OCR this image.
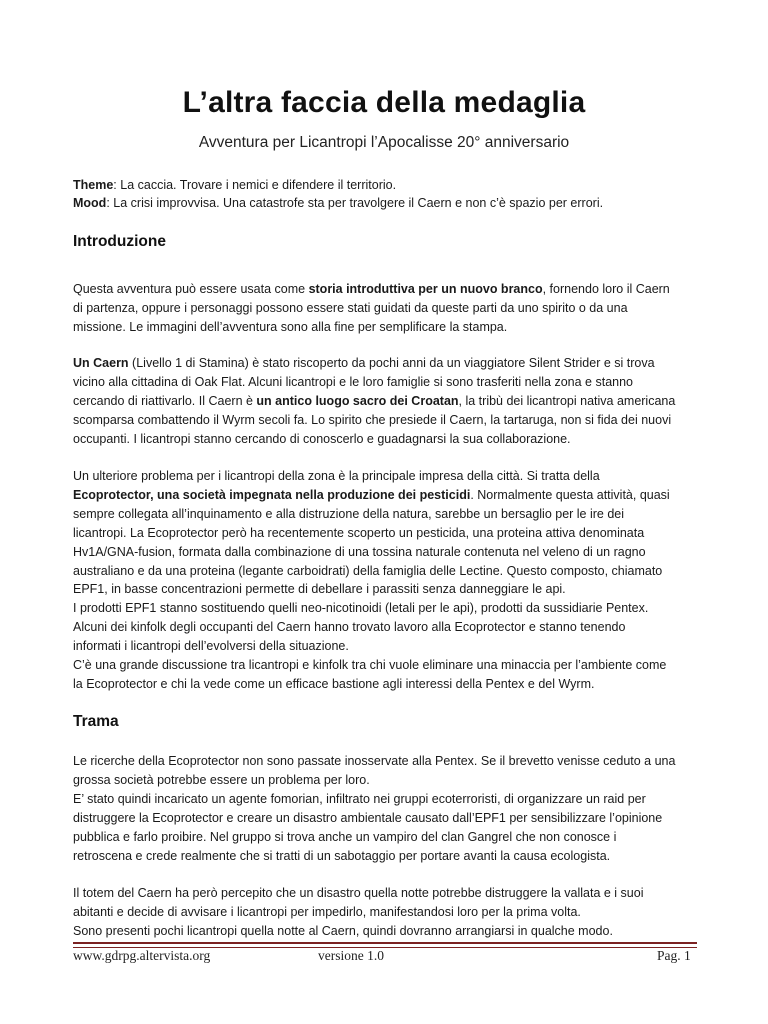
L’altra faccia della medaglia

Avventura per Licantropi l’Apocalisse 20° anniversario

Theme: La caccia. Trovare i nemici e difendere il territorio.

Mood: La crisi improvvisa. Una catastrofe sta per travolgere il Caern e non c’è spazio per errori.

Introduzione
Questa avventura può essere usata come storia introduttiva per un nuovo branco, fornendo loro il Caern
di partenza, oppure i personaggi possono essere stati guidati da queste parti da uno spirito o da una
missione. Le immagini dell’avventura sono alla fine per semplificare la stampa.
Un Caern (Livello 1 di Stamina) è stato riscoperto da pochi anni da un viaggiatore Silent Strider e si trova
vicino alla cittadina di Oak Flat. Alcuni licantropi e le loro famiglie si sono trasferiti nella zona e stanno
cercando di riattivarlo. Il Caern è un antico luogo sacro dei Croatan, la tribù dei licantropi nativa americana
scomparsa combattendo il Wyrm secoli fa. Lo spirito che presiede il Caern, la tartaruga, non si fida dei nuovi
occupanti. I licantropi stanno cercando di conoscerlo e guadagnarsi la sua collaborazione.
Un ulteriore problema per i licantropi della zona è la principale impresa della città. Si tratta della
Ecoprotector, una società impegnata nella produzione dei pesticidi. Normalmente questa attività, quasi
sempre collegata all’inquinamento e alla distruzione della natura, sarebbe un bersaglio per le ire dei
licantropi. La Ecoprotector però ha recentemente scoperto un pesticida, una proteina attiva denominata
Hv1A/GNA-fusion, formata dalla combinazione di una tossina naturale contenuta nel veleno di un ragno
australiano e da una proteina (legante carboidrati) della famiglia delle Lectine. Questo composto, chiamato
EPF1, in basse concentrazioni permette di debellare i parassiti senza danneggiare le api.
I prodotti EPF1 stanno sostituendo quelli neo-nicotinoidi (letali per le api), prodotti da sussidiarie Pentex.
Alcuni dei kinfolk degli occupanti del Caern hanno trovato lavoro alla Ecoprotector e stanno tenendo
informati i licantropi dell’evolversi della situazione.
C’è una grande discussione tra licantropi e kinfolk tra chi vuole eliminare una minaccia per l’ambiente come
la Ecoprotector e chi la vede come un efficace bastione agli interessi della Pentex e del Wyrm.
Trama
Le ricerche della Ecoprotector non sono passate inosservate alla Pentex. Se il brevetto venisse ceduto a una
grossa società potrebbe essere un problema per loro.
E’ stato quindi incaricato un agente fomorian, infiltrato nei gruppi ecoterroristi, di organizzare un raid per
distruggere la Ecoprotector e creare un disastro ambientale causato dall’EPF1 per sensibilizzare l’opinione
pubblica e farlo proibire. Nel gruppo si trova anche un vampiro del clan Gangrel che non conosce i
retroscena e crede realmente che si tratti di un sabotaggio per portare avanti la causa ecologista.
Il totem del Caern ha però percepito che un disastro quella notte potrebbe distruggere la vallata e i suoi
abitanti e decide di avvisare i licantropi per impedirlo, manifestandosi loro per la prima volta.
Sono presenti pochi licantropi quella notte al Caern, quindi dovranno arrangiarsi in qualche modo.

www.gdrpg.altervista.org	versione 1.0	Pag. 1
